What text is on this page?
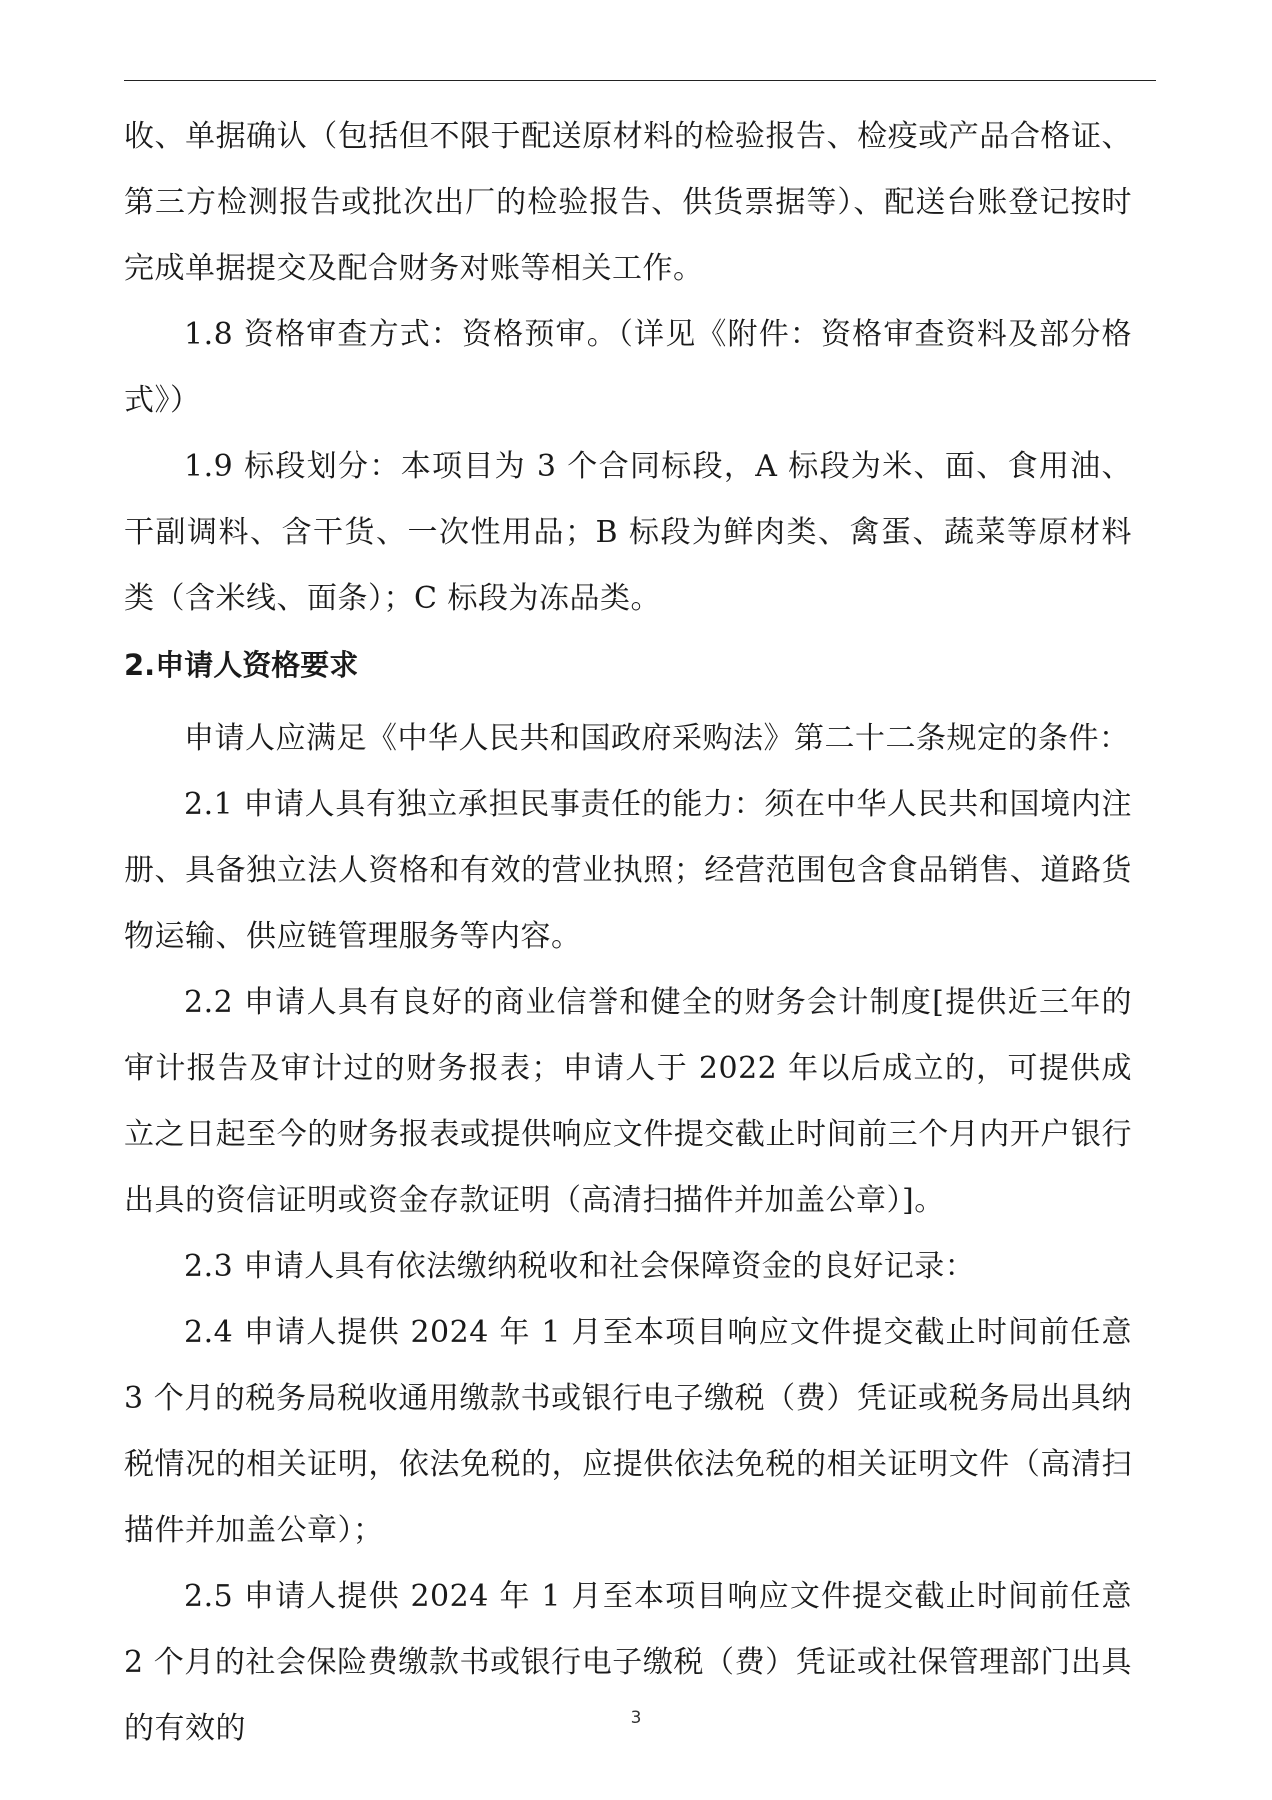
收、单据确认（包括但不限于配送原材料的检验报告、检疫或产品合格证、第三方检测报告或批次出厂的检验报告、供货票据等）、配送台账登记按时完成单据提交及配合财务对账等相关工作。

1.8 资格审查方式：资格预审。（详见《附件：资格审查资料及部分格式》）

1.9 标段划分：本项目为 3 个合同标段，A 标段为米、面、食用油、干副调料、含干货、一次性用品；B 标段为鲜肉类、禽蛋、蔬菜等原材料类（含米线、面条）；C 标段为冻品类。

2.申请人资格要求

申请人应满足《中华人民共和国政府采购法》第二十二条规定的条件：

2.1 申请人具有独立承担民事责任的能力：须在中华人民共和国境内注册、具备独立法人资格和有效的营业执照；经营范围包含食品销售、道路货物运输、供应链管理服务等内容。

2.2 申请人具有良好的商业信誉和健全的财务会计制度[提供近三年的审计报告及审计过的财务报表；申请人于 2022 年以后成立的，可提供成立之日起至今的财务报表或提供响应文件提交截止时间前三个月内开户银行出具的资信证明或资金存款证明（高清扫描件并加盖公章）]。

2.3 申请人具有依法缴纳税收和社会保障资金的良好记录：

2.4 申请人提供 2024 年 1 月至本项目响应文件提交截止时间前任意 3 个月的税务局税收通用缴款书或银行电子缴税（费）凭证或税务局出具纳税情况的相关证明，依法免税的，应提供依法免税的相关证明文件（高清扫描件并加盖公章）；

2.5 申请人提供 2024 年 1 月至本项目响应文件提交截止时间前任意 2 个月的社会保险费缴款书或银行电子缴税（费）凭证或社保管理部门出具的有效的	3
